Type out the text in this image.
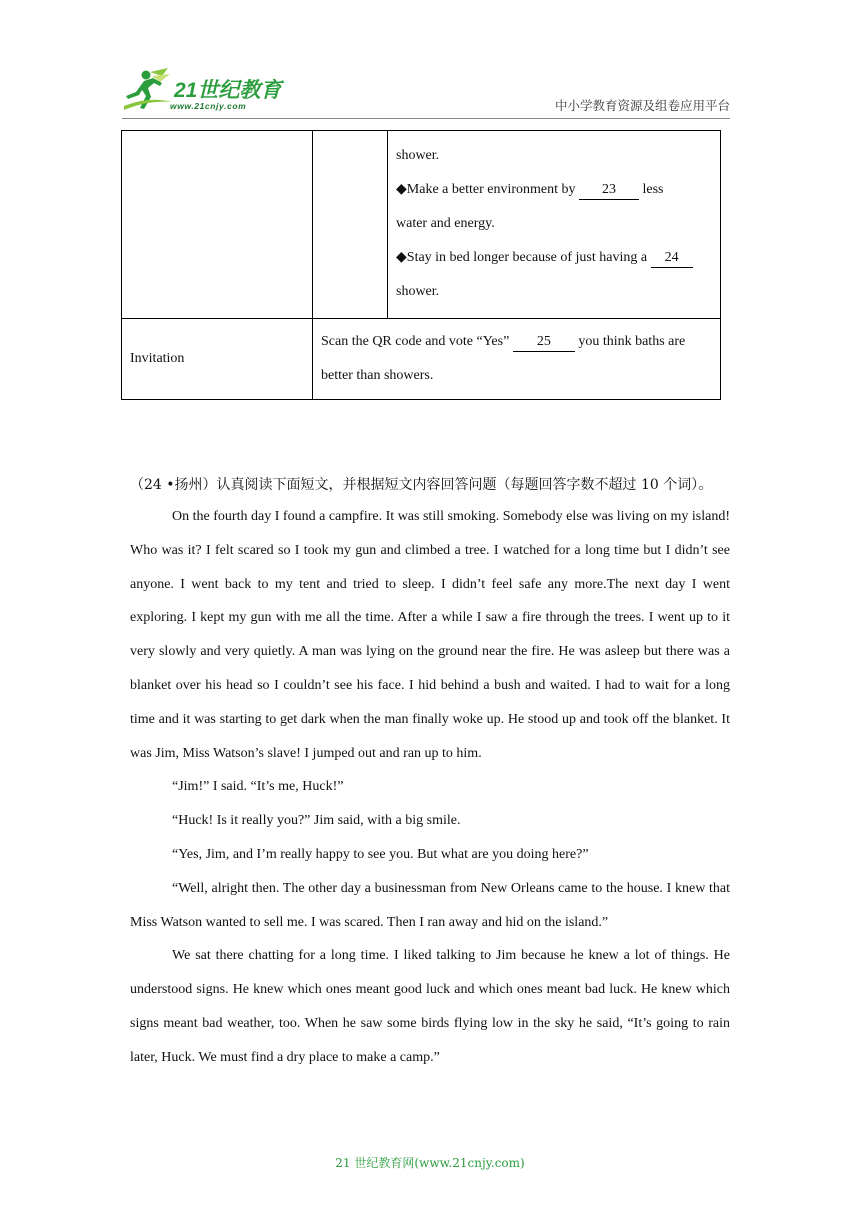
21世纪教育
www.21cnjy.com	中小学教育资源及组卷应用平台

		shower.

◆Make a better environment by 23 less

water and energy.

◆Stay in bed longer because of just having a 24

shower.

Invitation	Scan the QR code and vote “Yes” 25 you think baths are
better than showers.	
（24 •扬州）认真阅读下面短文，并根据短文内容回答问题（每题回答字数不超过 10 个词）。

On the fourth day I found a campfire. It was still smoking. Somebody else was living on my island! Who was it? I felt scared so I took my gun and climbed a tree. I watched for a long time but I didn’t see anyone. I went back to my tent and tried to sleep. I didn’t feel safe any more.The next day I went exploring. I kept my gun with me all the time. After a while I saw a fire through the trees. I went up to it very slowly and very quietly. A man was lying on the ground near the fire. He was asleep but there was a blanket over his head so I couldn’t see his face. I hid behind a bush and waited. I had to wait for a long time and it was starting to get dark when the man finally woke up. He stood up and took off the blanket. It was Jim, Miss Watson’s slave! I jumped out and ran up to him.

“Jim!” I said. “It’s me, Huck!”

“Huck! Is it really you?” Jim said, with a big smile.

“Yes, Jim, and I’m really happy to see you. But what are you doing here?”

“Well, alright then. The other day a businessman from New Orleans came to the house. I knew that Miss Watson wanted to sell me. I was scared. Then I ran away and hid on the island.”

We sat there chatting for a long time. I liked talking to Jim because he knew a lot of things. He understood signs. He knew which ones meant good luck and which ones meant bad luck. He knew which signs meant bad weather, too. When he saw some birds flying low in the sky he said, “It’s going to rain later, Huck. We must find a dry place to make a camp.”

21 世纪教育网(www.21cnjy.com)
